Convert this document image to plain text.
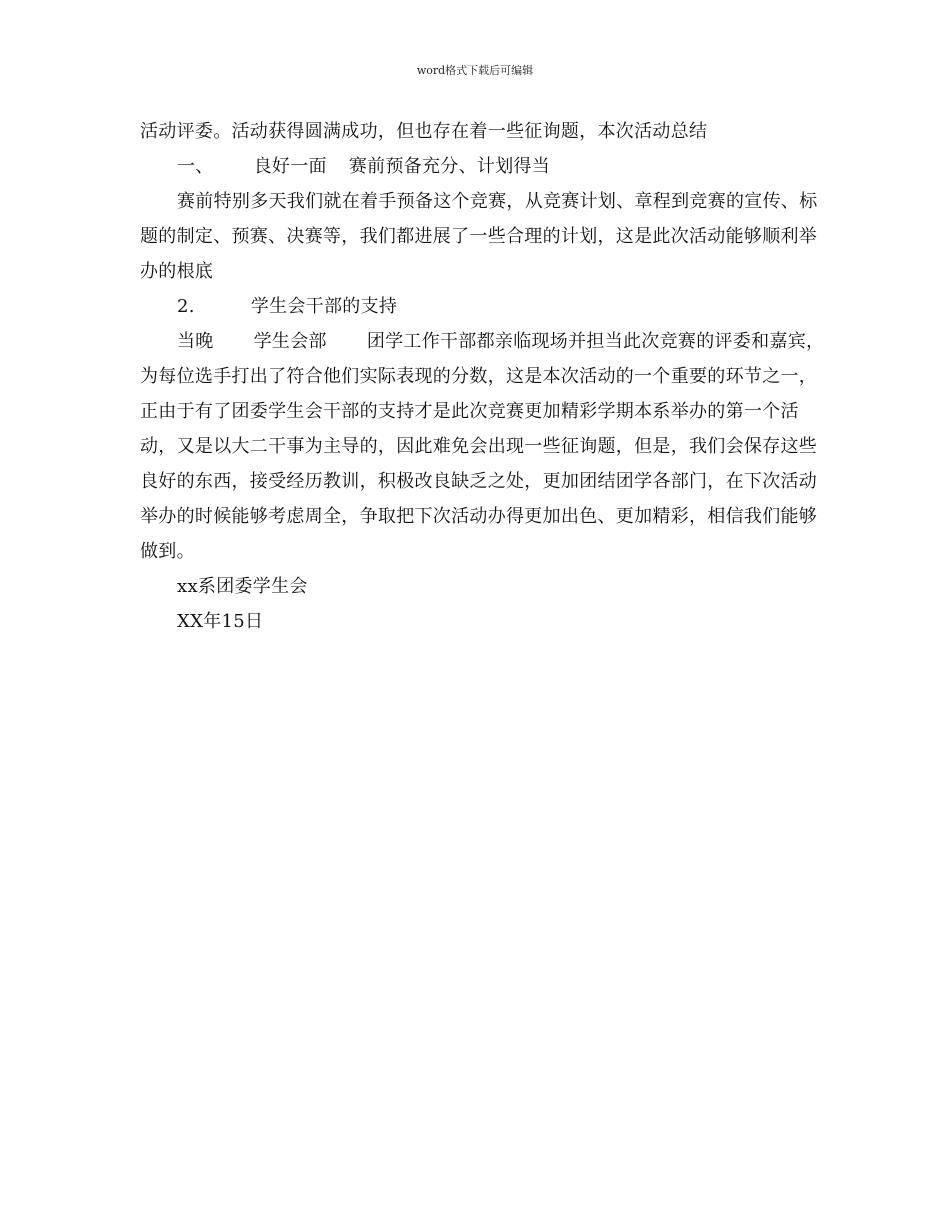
word格式下载后可编辑

活动评委。活动获得圆满成功，但也存在着一些征询题，本次活动总结

一、 良好一面 赛前预备充分、计划得当

赛前特别多天我们就在着手预备这个竞赛，从竞赛计划、章程到竞赛的宣传、标题的制定、预赛、决赛等，我们都进展了一些合理的计划，这是此次活动能够顺利举办的根底

2.	学生会干部的支持

当晚 学生会部 团学工作干部都亲临现场并担当此次竞赛的评委和嘉宾，为每位选手打出了符合他们实际表现的分数，这是本次活动的一个重要的环节之一，正由于有了团委学生会干部的支持才是此次竞赛更加精彩学期本系举办的第一个活动，又是以大二干事为主导的，因此难免会出现一些征询题，但是，我们会保存这些良好的东西，接受经历教训，积极改良缺乏之处，更加团结团学各部门，在下次活动举办的时候能够考虑周全，争取把下次活动办得更加出色、更加精彩，相信我们能够做到。

xx系团委学生会

XX年15日
